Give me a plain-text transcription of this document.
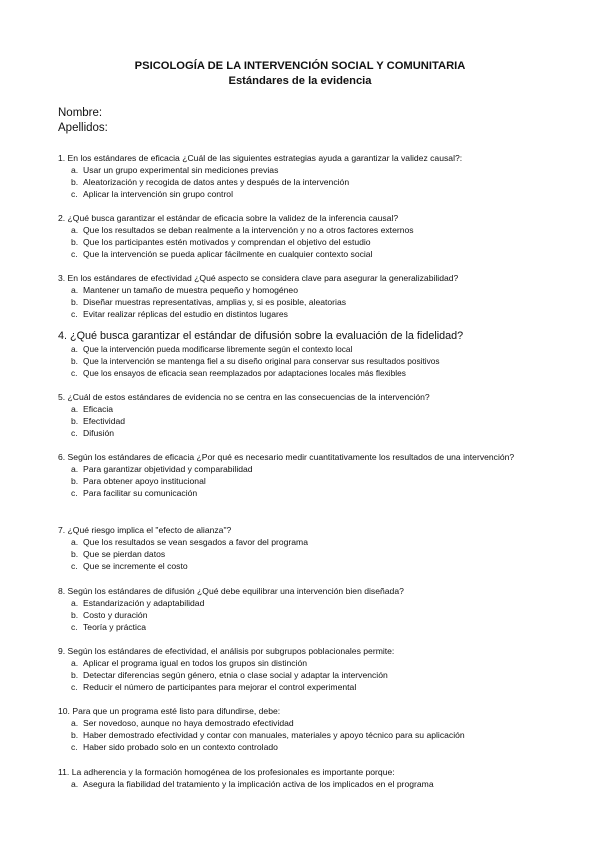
PSICOLOGÍA DE LA INTERVENCIÓN SOCIAL Y COMUNITARIA
Estándares de la evidencia
Nombre:
Apellidos:
1. En los estándares de eficacia ¿Cuál de las siguientes estrategias ayuda a garantizar la validez causal?:
a. Usar un grupo experimental sin mediciones previas
b. Aleatorización y recogida de datos antes y después de la intervención
c. Aplicar la intervención sin grupo control
2. ¿Qué busca garantizar el estándar de eficacia sobre la validez de la inferencia causal?
a. Que los resultados se deban realmente a la intervención y no a otros factores externos
b. Que los participantes estén motivados y comprendan el objetivo del estudio
c. Que la intervención se pueda aplicar fácilmente en cualquier contexto social
3. En los estándares de efectividad ¿Qué aspecto se considera clave para asegurar la generalizabilidad?
a. Mantener un tamaño de muestra pequeño y homogéneo
b. Diseñar muestras representativas, amplias y, si es posible, aleatorias
c. Evitar realizar réplicas del estudio en distintos lugares
4. ¿Qué busca garantizar el estándar de difusión sobre la evaluación de la fidelidad?
a. Que la intervención pueda modificarse libremente según el contexto local
b. Que la intervención se mantenga fiel a su diseño original para conservar sus resultados positivos
c. Que los ensayos de eficacia sean reemplazados por adaptaciones locales más flexibles
5. ¿Cuál de estos estándares de evidencia no se centra en las consecuencias de la intervención?
a. Eficacia
b. Efectividad
c. Difusión
6. Según los estándares de eficacia ¿Por qué es necesario medir cuantitativamente los resultados de una intervención?
a. Para garantizar objetividad y comparabilidad
b. Para obtener apoyo institucional
c. Para facilitar su comunicación
7. ¿Qué riesgo implica el "efecto de alianza"?
a. Que los resultados se vean sesgados a favor del programa
b. Que se pierdan datos
c. Que se incremente el costo
8. Según los estándares de difusión ¿Qué debe equilibrar una intervención bien diseñada?
a. Estandarización y adaptabilidad
b. Costo y duración
c. Teoría y práctica
9. Según los estándares de efectividad, el análisis por subgrupos poblacionales permite:
a. Aplicar el programa igual en todos los grupos sin distinción
b. Detectar diferencias según género, etnia o clase social y adaptar la intervención
c. Reducir el número de participantes para mejorar el control experimental
10. Para que un programa esté listo para difundirse, debe:
a. Ser novedoso, aunque no haya demostrado efectividad
b. Haber demostrado efectividad y contar con manuales, materiales y apoyo técnico para su aplicación
c. Haber sido probado solo en un contexto controlado
11. La adherencia y la formación homogénea de los profesionales es importante porque:
a. Asegura la fiabilidad del tratamiento y la implicación activa de los implicados en el programa
